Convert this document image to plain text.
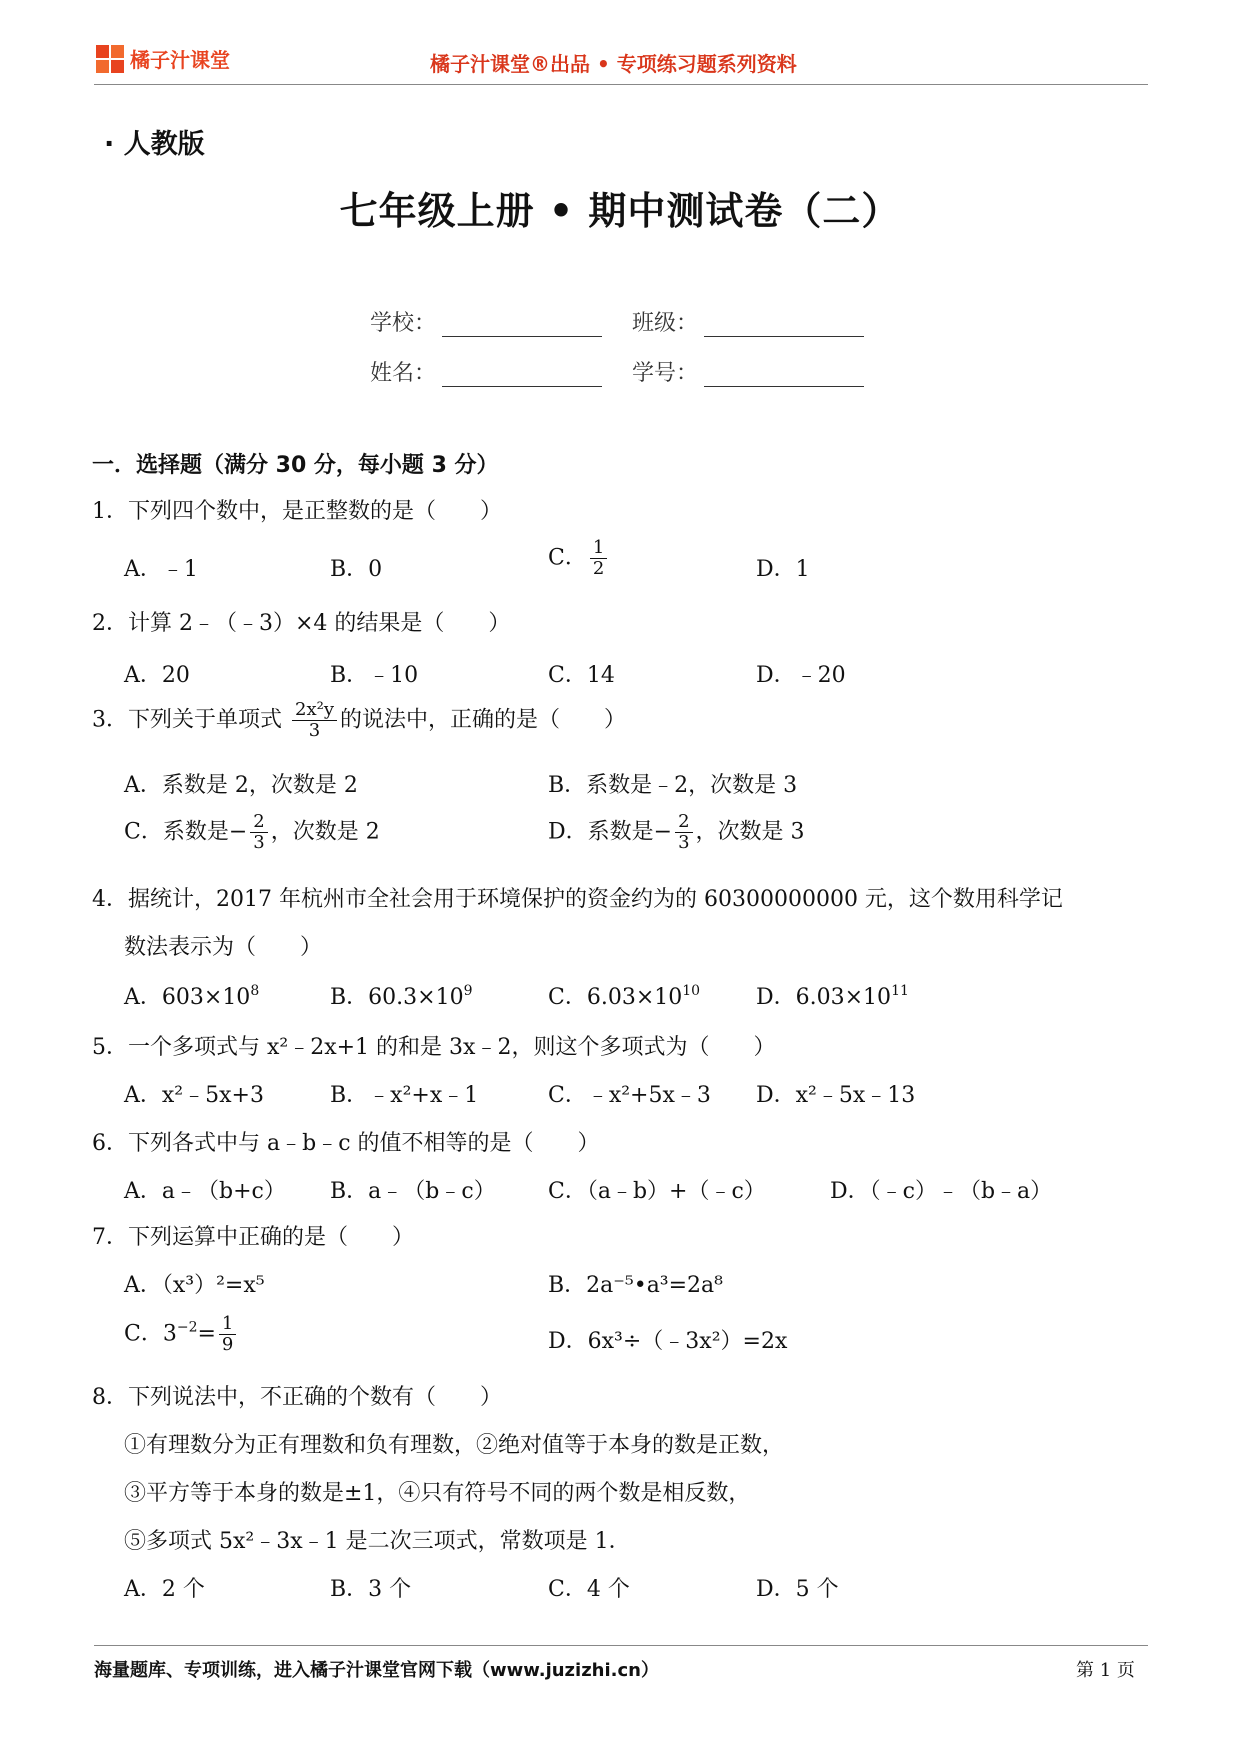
橘子汁课堂	橘子汁课堂®出品 • 专项练习题系列资料
· 人教版
七年级上册 • 期中测试卷（二）
学校：	班级：
姓名：	学号：
一．选择题（满分 30 分，每小题 3 分）
1．下列四个数中，是正整数的是（　　）
A．﹣1	B．0	C． $\frac{1}{2}$	D．1
2．计算 2﹣（﹣3）×4 的结果是（　　）
A．20	B．﹣10	C．14	D．﹣20
3．下列关于单项式 $\frac{\text{2x²y}}{3}$ 的说法中，正确的是（　　）
A．系数是 2，次数是 2	B．系数是﹣2，次数是 3
C．系数是− $\frac{2}{3}$ ，次数是 2	D．系数是− $\frac{2}{3}$ ，次数是 3
4．据统计，2017 年杭州市全社会用于环境保护的资金约为的 60300000000 元，这个数用科学记
数法表示为（　　）
A．$603\times 10^8$	B．$60.3\times 10^9$	C．$6.03\times 10^{10}$	D．$6.03\times 10^{11}$
5．一个多项式与 x²﹣2x+1 的和是 3x﹣2，则这个多项式为（　　）
A．x²﹣5x+3	B．﹣x²+x﹣1	C．﹣x²+5x﹣3 D．x²﹣5x﹣13
6．下列各式中与 a﹣b﹣c 的值不相等的是（　　）
A．a﹣（b+c） B．a﹣（b﹣c） C．（a﹣b）+（﹣c）	D．（﹣c）﹣（b﹣a）
7．下列运算中正确的是（　　）
A．（x³）²=x⁵	B．2a⁻⁵•a³=2a⁸
C．$3^{-2}= \frac{1}{9}$	D．6x³÷（﹣3x²）=2x
8．下列说法中，不正确的个数有（　　）
①有理数分为正有理数和负有理数，②绝对值等于本身的数是正数，
③平方等于本身的数是±1，④只有符号不同的两个数是相反数，
⑤多项式 5x²﹣3x﹣1 是二次三项式，常数项是 1．
A．2 个	B．3 个	C．4 个	D．5 个
海量题库、专项训练，进入橘子汁课堂官网下载（www.juzizhi.cn）	第 1 页
